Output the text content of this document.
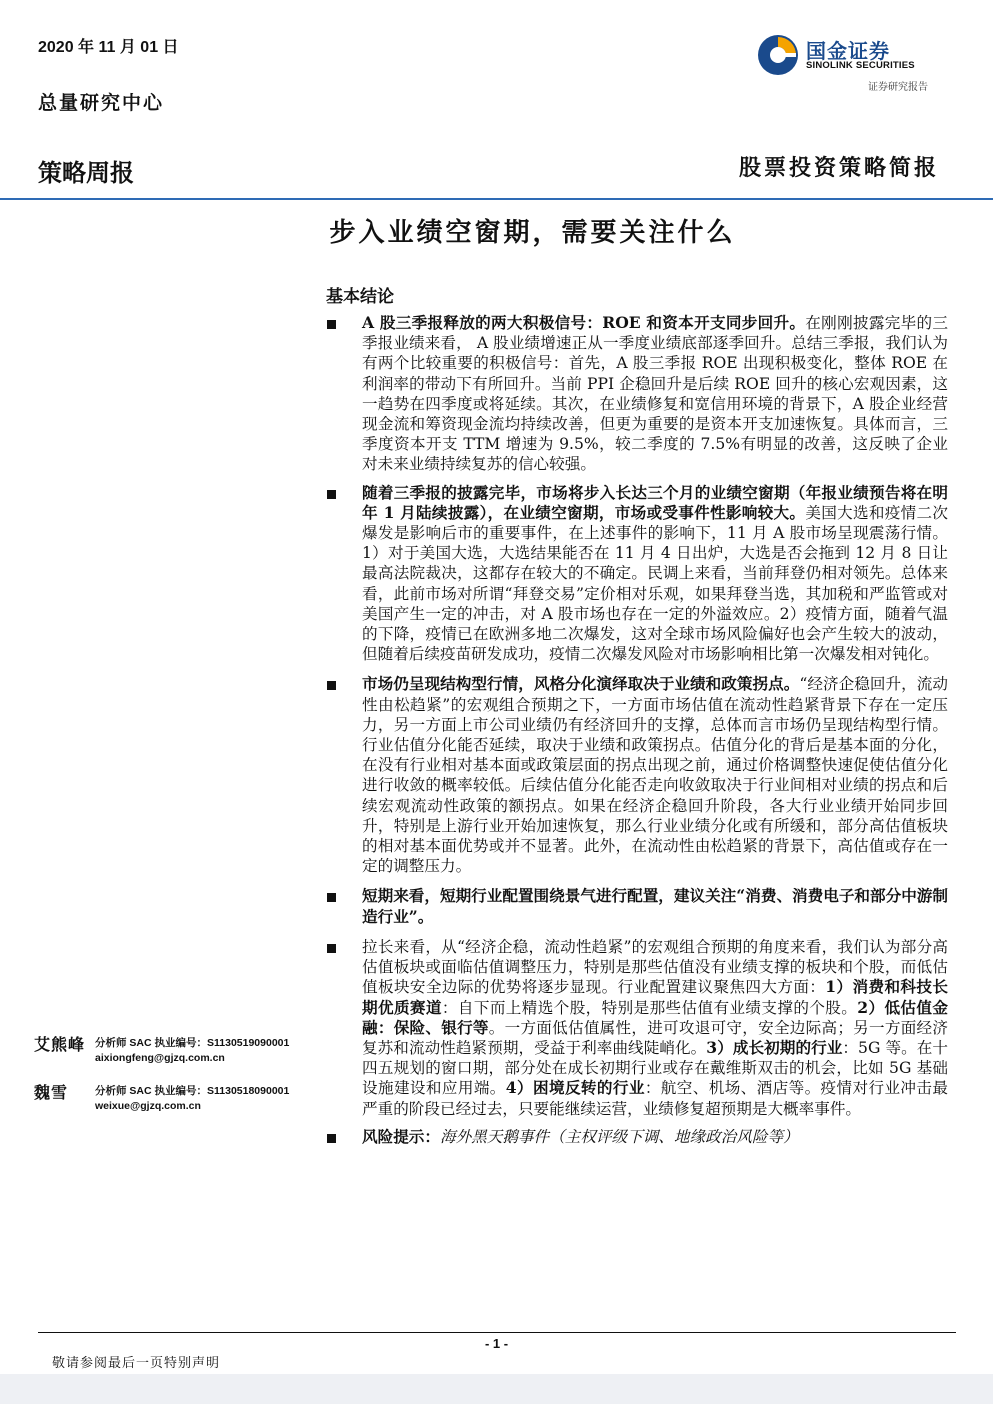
2020 年 11 月 01 日
总量研究中心
国金证券
SINOLINK SECURITIES
证券研究报告
策略周报	股票投资策略简报
步入业绩空窗期，需要关注什么
基本结论
A 股三季报释放的两大积极信号：ROE 和资本开支同步回升。在刚刚披露完毕的三季报业绩来看， A 股业绩增速正从一季度业绩底部逐季回升。总结三季报，我们认为有两个比较重要的积极信号：首先，A 股三季报 ROE 出现积极变化，整体 ROE 在利润率的带动下有所回升。当前 PPI 企稳回升是后续 ROE 回升的核心宏观因素，这一趋势在四季度或将延续。其次，在业绩修复和宽信用环境的背景下，A 股企业经营现金流和筹资现金流均持续改善，但更为重要的是资本开支加速恢复。具体而言，三季度资本开支 TTM 增速为 9.5%，较二季度的 7.5%有明显的改善，这反映了企业对未来业绩持续复苏的信心较强。
随着三季报的披露完毕，市场将步入长达三个月的业绩空窗期（年报业绩预告将在明年 1 月陆续披露），在业绩空窗期，市场或受事件性影响较大。美国大选和疫情二次爆发是影响后市的重要事件，在上述事件的影响下，11 月 A 股市场呈现震荡行情。1）对于美国大选，大选结果能否在 11 月 4 日出炉，大选是否会拖到 12 月 8 日让最高法院裁决，这都存在较大的不确定。民调上来看，当前拜登仍相对领先。总体来看，此前市场对所谓“拜登交易”定价相对乐观，如果拜登当选，其加税和严监管或对美国产生一定的冲击，对 A 股市场也存在一定的外溢效应。2）疫情方面，随着气温的下降，疫情已在欧洲多地二次爆发，这对全球市场风险偏好也会产生较大的波动，但随着后续疫苗研发成功，疫情二次爆发风险对市场影响相比第一次爆发相对钝化。
市场仍呈现结构型行情，风格分化演绎取决于业绩和政策拐点。“经济企稳回升，流动性由松趋紧”的宏观组合预期之下，一方面市场估值在流动性趋紧背景下存在一定压力，另一方面上市公司业绩仍有经济回升的支撑，总体而言市场仍呈现结构型行情。行业估值分化能否延续，取决于业绩和政策拐点。估值分化的背后是基本面的分化，在没有行业相对基本面或政策层面的拐点出现之前，通过价格调整快速促使估值分化进行收敛的概率较低。后续估值分化能否走向收敛取决于行业间相对业绩的拐点和后续宏观流动性政策的额拐点。如果在经济企稳回升阶段，各大行业业绩开始同步回升，特别是上游行业开始加速恢复，那么行业业绩分化或有所缓和，部分高估值板块的相对基本面优势或并不显著。此外，在流动性由松趋紧的背景下，高估值或存在一定的调整压力。
短期来看，短期行业配置围绕景气进行配置，建议关注“消费、消费电子和部分中游制造行业”。
拉长来看，从“经济企稳，流动性趋紧”的宏观组合预期的角度来看，我们认为部分高估值板块或面临估值调整压力，特别是那些估值没有业绩支撑的板块和个股，而低估值板块安全边际的优势将逐步显现。行业配置建议聚焦四大方面：1）消费和科技长期优质赛道：自下而上精选个股，特别是那些估值有业绩支撑的个股。2）低估值金融：保险、银行等。一方面低估值属性，进可攻退可守，安全边际高；另一方面经济复苏和流动性趋紧预期，受益于利率曲线陡峭化。3）成长初期的行业：5G 等。在十四五规划的窗口期，部分处在成长初期行业或存在戴维斯双击的机会，比如 5G 基础设施建设和应用端。4）困境反转的行业：航空、机场、酒店等。疫情对行业冲击最严重的阶段已经过去，只要能继续运营，业绩修复超预期是大概率事件。
风险提示：海外黑天鹅事件（主权评级下调、地缘政治风险等）
艾熊峰 分析师 SAC 执业编号：S1130519090001
aixiongfeng@gjzq.com.cn
魏雪	分析师 SAC 执业编号：S1130518090001
weixue@gjzq.com.cn
- 1 -
敬请参阅最后一页特别声明
